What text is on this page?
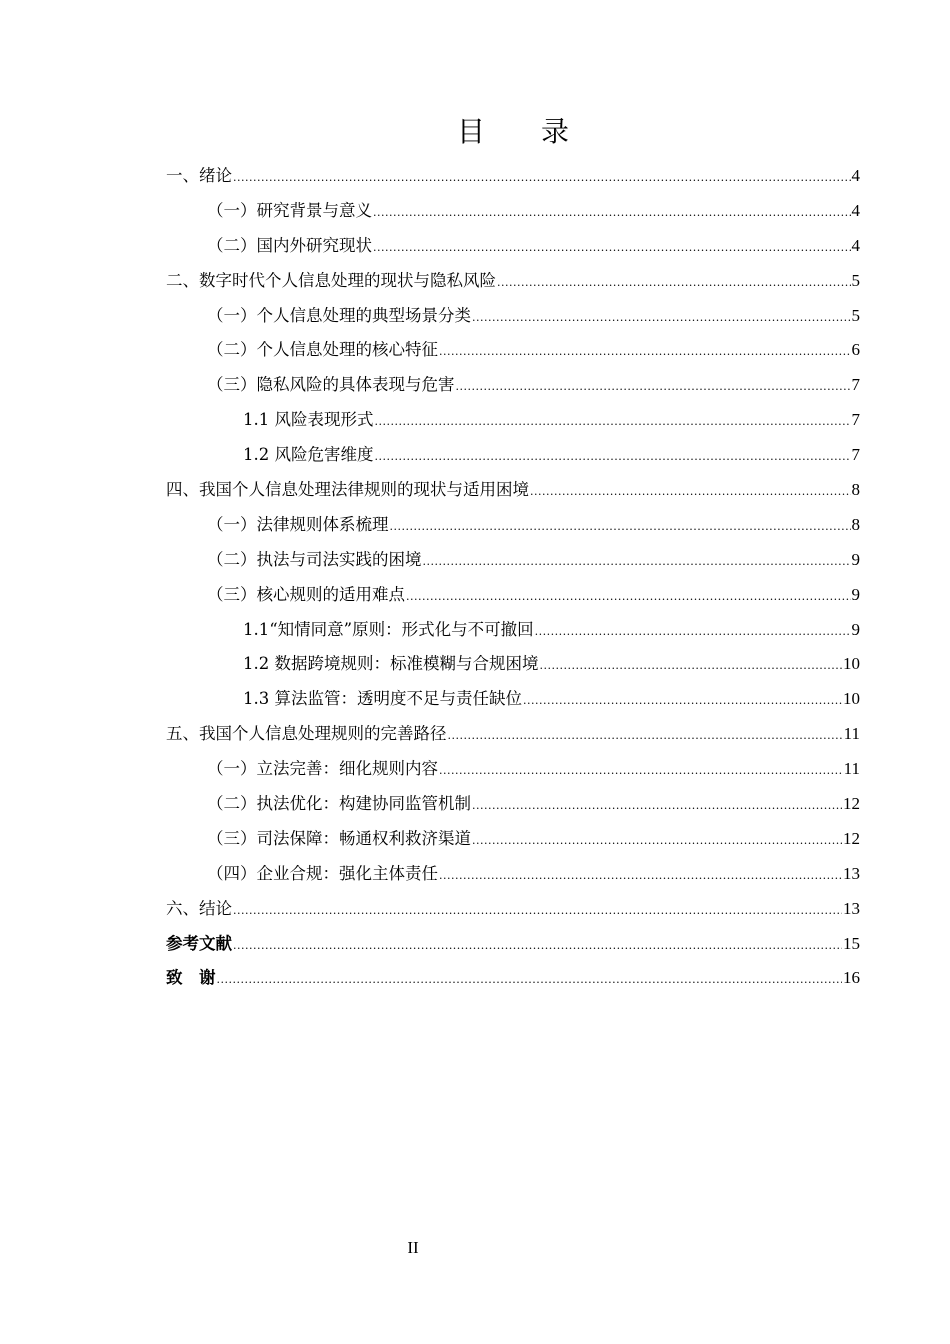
目 录
一、绪论 .....	4
（一）研究背景与意义 .....	4
（二）国内外研究现状 .....	4
二、数字时代个人信息处理的现状与隐私风险 .....	5
（一）个人信息处理的典型场景分类 .....	5
（二）个人信息处理的核心特征 .....	6
（三）隐私风险的具体表现与危害 .....	7
1.1 风险表现形式 .....	7
1.2 风险危害维度 .....	7
四、我国个人信息处理法律规则的现状与适用困境 .....	8
（一）法律规则体系梳理 .....	8
（二）执法与司法实践的困境 .....	9
（三）核心规则的适用难点 .....	9
1.1“知情同意”原则：形式化与不可撤回 .....	9
1.2 数据跨境规则：标准模糊与合规困境 .....	10
1.3 算法监管：透明度不足与责任缺位 .....	10
五、我国个人信息处理规则的完善路径 .....	11
（一）立法完善：细化规则内容 .....	11
（二）执法优化：构建协同监管机制 .....	12
（三）司法保障：畅通权利救济渠道 .....	12
（四）企业合规：强化主体责任 .....	13
六、结论 .....	13
参考文献 .....	15
致　谢 .....	16
II
